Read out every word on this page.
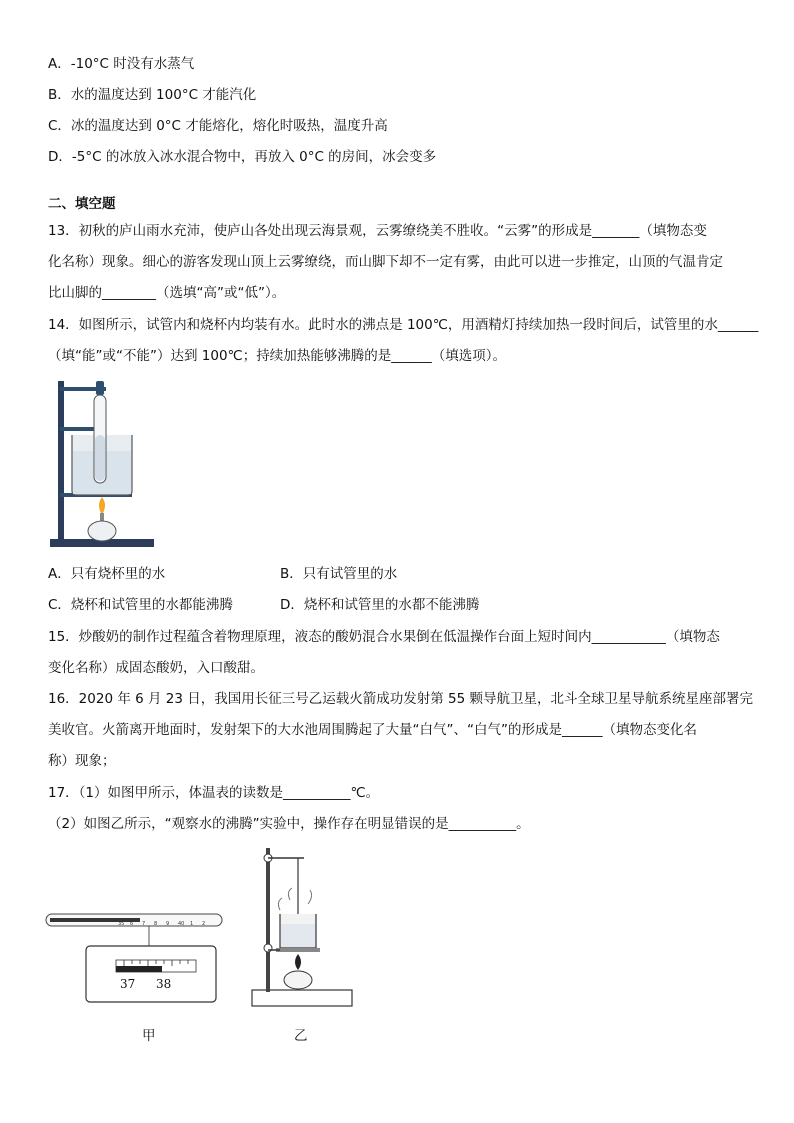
A．-10°C 时没有水蒸气
B．水的温度达到 100°C 才能汽化
C．冰的温度达到 0°C 才能熔化，熔化时吸热，温度升高
D．-5°C 的冰放入冰水混合物中，再放入 0°C 的房间，冰会变多
二、填空题
13．初秋的庐山雨水充沛，使庐山各处出现云海景观，云雾缭绕美不胜收。“云雾”的形成是_______（填物态变
化名称）现象。细心的游客发现山顶上云雾缭绕，而山脚下却不一定有雾，由此可以进一步推定，山顶的气温肯定
比山脚的________（选填“高”或“低”）。
14．如图所示，试管内和烧杯内均装有水。此时水的沸点是 100℃，用酒精灯持续加热一段时间后，试管里的水______
（填“能”或“不能”）达到 100℃；持续加热能够沸腾的是______（填选项）。
A．只有烧杯里的水	B．只有试管里的水
C．烧杯和试管里的水都能沸腾	D．烧杯和试管里的水都不能沸腾
15．炒酸奶的制作过程蕴含着物理原理，液态的酸奶混合水果倒在低温操作台面上短时间内___________（填物态
变化名称）成固态酸奶，入口酸甜。
16．2020 年 6 月 23 日，我国用长征三号乙运载火箭成功发射第 55 颗导航卫星，北斗全球卫星导航系统星座部署完
美收官。火箭离开地面时，发射架下的大水池周围腾起了大量“白气”、“白气”的形成是______（填物态变化名
称）现象；
17．（1）如图甲所示，体温表的读数是__________℃。
（2）如图乙所示，“观察水的沸腾”实验中，操作存在明显错误的是__________。
35 6 7 8 9 40 1 2
37 38
甲	乙
